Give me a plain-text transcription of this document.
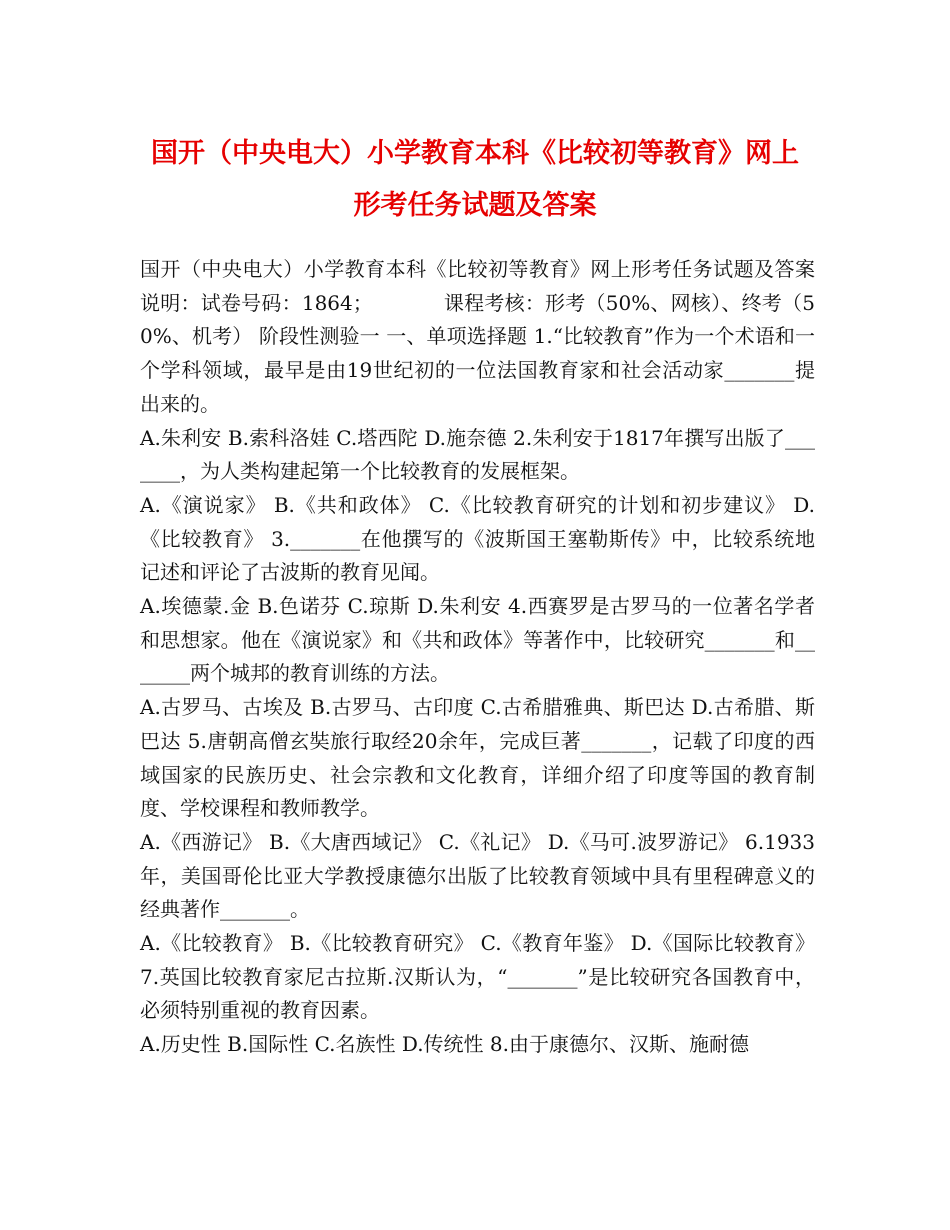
国开（中央电大）小学教育本科《比较初等教育》网上
形考任务试题及答案

国开（中央电大）小学教育本科《比较初等教育》网上形考任务试题及答案 说明：试卷号码：1864；　　　　课程考核：形考（50%、网核）、终考（50%、机考） 阶段性测验一 一、单项选择题 1.“比较教育”作为一个术语和一个学科领域，最早是由19世纪初的一位法国教育家和社会活动家_______提出来的。

A.朱利安 B.索科洛娃 C.塔西陀 D.施奈德 2.朱利安于1817年撰写出版了_______，为人类构建起第一个比较教育的发展框架。

A.《演说家》 B.《共和政体》 C.《比较教育研究的计划和初步建议》 D.《比较教育》 3._______在他撰写的《波斯国王塞勒斯传》中，比较系统地记述和评论了古波斯的教育见闻。

A.埃德蒙.金 B.色诺芬 C.琼斯 D.朱利安 4.西赛罗是古罗马的一位著名学者和思想家。他在《演说家》和《共和政体》等著作中，比较研究_______和_______两个城邦的教育训练的方法。

A.古罗马、古埃及 B.古罗马、古印度 C.古希腊雅典、斯巴达 D.古希腊、斯巴达 5.唐朝高僧玄奘旅行取经20余年，完成巨著_______，记载了印度的西域国家的民族历史、社会宗教和文化教育，详细介绍了印度等国的教育制度、学校课程和教师教学。

A.《西游记》 B.《大唐西域记》 C.《礼记》 D.《马可.波罗游记》 6.1933年，美国哥伦比亚大学教授康德尔出版了比较教育领域中具有里程碑意义的经典著作_______。

A.《比较教育》 B.《比较教育研究》 C.《教育年鉴》 D.《国际比较教育》 7.英国比较教育家尼古拉斯.汉斯认为，“_______”是比较研究各国教育中，必须特别重视的教育因素。

A.历史性 B.国际性 C.名族性 D.传统性 8.由于康德尔、汉斯、施耐德
